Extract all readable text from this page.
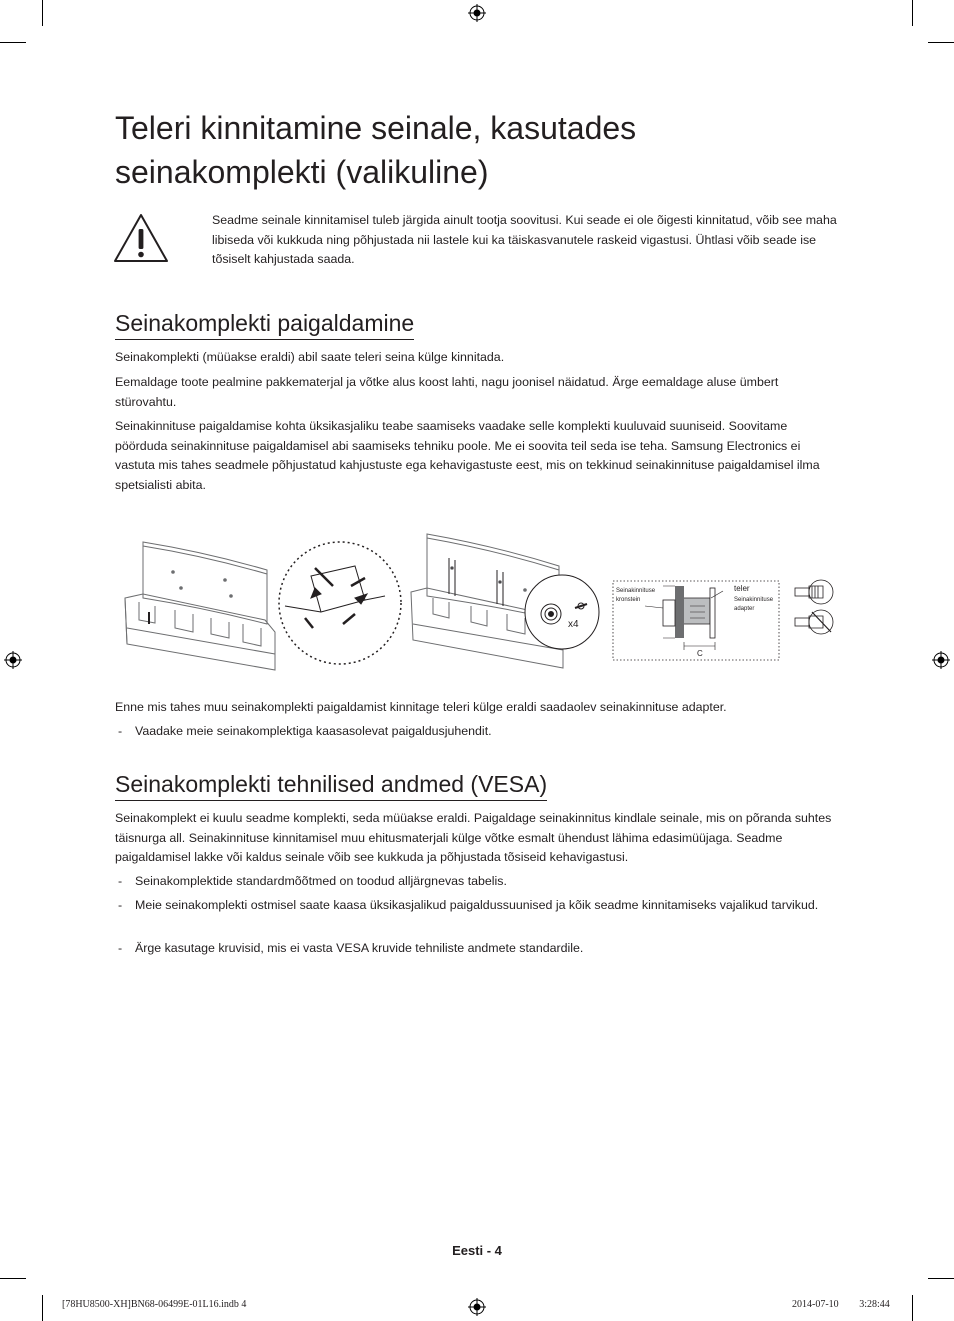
Teleri kinnitamine seinale, kasutades seinakomplekti (valikuline)

Seadme seinale kinnitamisel tuleb järgida ainult tootja soovitusi. Kui seade ei ole õigesti kinnitatud, võib see maha libiseda või kukkuda ning põhjustada nii lastele kui ka täiskasvanutele raskeid vigastusi. Ühtlasi võib seade ise tõsiselt kahjustada saada.

Seinakomplekti paigaldamine

Seinakomplekti (müüakse eraldi) abil saate teleri seina külge kinnitada.

Eemaldage toote pealmine pakkematerjal ja võtke alus koost lahti, nagu joonisel näidatud. Ärge eemaldage aluse ümbert stürovahtu.

Seinakinnituse paigaldamise kohta üksikasjaliku teabe saamiseks vaadake selle komplekti kuuluvaid suuniseid. Soovitame pöörduda seinakinnituse paigaldamisel abi saamiseks tehniku poole. Me ei soovita teil seda ise teha. Samsung Electronics ei vastuta mis tahes seadmele põhjustatud kahjustuste ega kehavigastuste eest, mis on tekkinud seinakinnituse paigaldamisel ilma spetsialisti abita.

x4
Seinakinnituse
kronstein
teler
Seinakinnituse
adapter
C

Enne mis tahes muu seinakomplekti paigaldamist kinnitage teleri külge eraldi saadaolev seinakinnituse adapter.

- Vaadake meie seinakomplektiga kaasasolevat paigaldusjuhendit.
Seinakomplekti tehnilised andmed (VESA)

Seinakomplekt ei kuulu seadme komplekti, seda müüakse eraldi. Paigaldage seinakinnitus kindlale seinale, mis on põranda suhtes täisnurga all. Seinakinnituse kinnitamisel muu ehitusmaterjali külge võtke esmalt ühendust lähima edasimüüjaga. Seadme paigaldamisel lakke või kaldus seinale võib see kukkuda ja põhjustada tõsiseid kehavigastusi.

- Seinakomplektide standardmõõtmed on toodud alljärgnevas tabelis.
- Meie seinakomplekti ostmisel saate kaasa üksikasjalikud paigaldussuunised ja kõik seadme kinnitamiseks vajalikud tarvikud.
- Ärge kasutage kruvisid, mis ei vasta VESA kruvide tehniliste andmete standardile.
Eesti - 4
[78HU8500-XH]BN68-06499E-01L16.indb 4	2014-07-10 ￿￿ 3:28:44
